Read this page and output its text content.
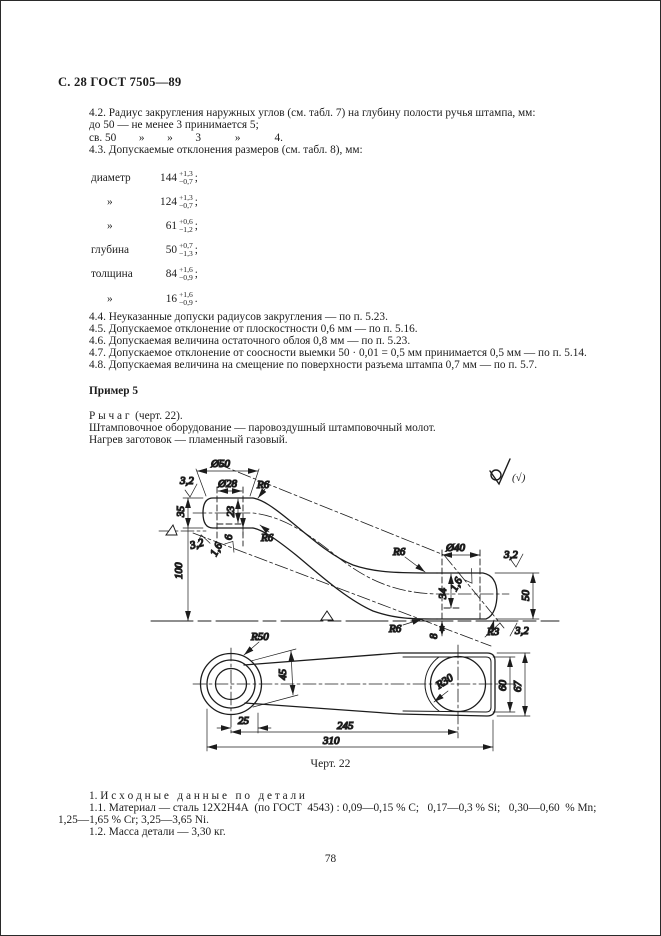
С. 28 ГОСТ 7505—89
4.2. Радиус закругления наружных углов (см. табл. 7) на глубину полости ручья штампа, мм:
до 50 — не менее 3 принимается 5;
св. 50        »        »        3            »            4.
4.3. Допускаемые отклонения размеров (см. табл. 8), мм:
диаметр	144 +1,3
−0,7 ;
»	124 +1,3
−0,7 ;
»	61 +0,6
−1,2 ;
глубина	50 +0,7
−1,3 ;
толщина	84 +1,6
−0,9 ;
»	16 +1,6
−0,9 .
4.4. Неуказанные допуски радиусов закругления — по п. 5.23.
4.5. Допускаемое отклонение от плоскостности 0,6 мм — по п. 5.16.
4.6. Допускаемая величина остаточного облоя 0,8 мм — по п. 5.23.
4.7. Допускаемое отклонение от соосности выемки 50 · 0,01 = 0,5 мм принимается 0,5 мм — по п. 5.14.
4.8. Допускаемая величина на смещение по поверхности разъема штампа 0,7 мм — по п. 5.7.
Пример 5
Р ы ч а г  (черт. 22).
Штамповочное оборудование — паровоздушный штамповочный молот.
Нагрев заготовок — пламенный газовый.
Ø50
Ø28
35
100
23
6
Ø40
50
34
8
R6
R6
R6
R6	R3
3,2
3,2 1,6	3,2
1,6
3,2
(√)
R50
R30
45
25	245
310
60 67
Черт. 22
1. И с х о д н ы е   д а н н ы е   п о   д е т а л и
1.1. Материал — сталь 12Х2Н4А  (по ГОСТ  4543) : 0,09—0,15 % С;   0,17—0,3 % Si;   0,30—0,60  % Mn;
1,25—1,65 % Cr; 3,25—3,65 Ni.
1.2. Масса детали — 3,30 кг.
78
